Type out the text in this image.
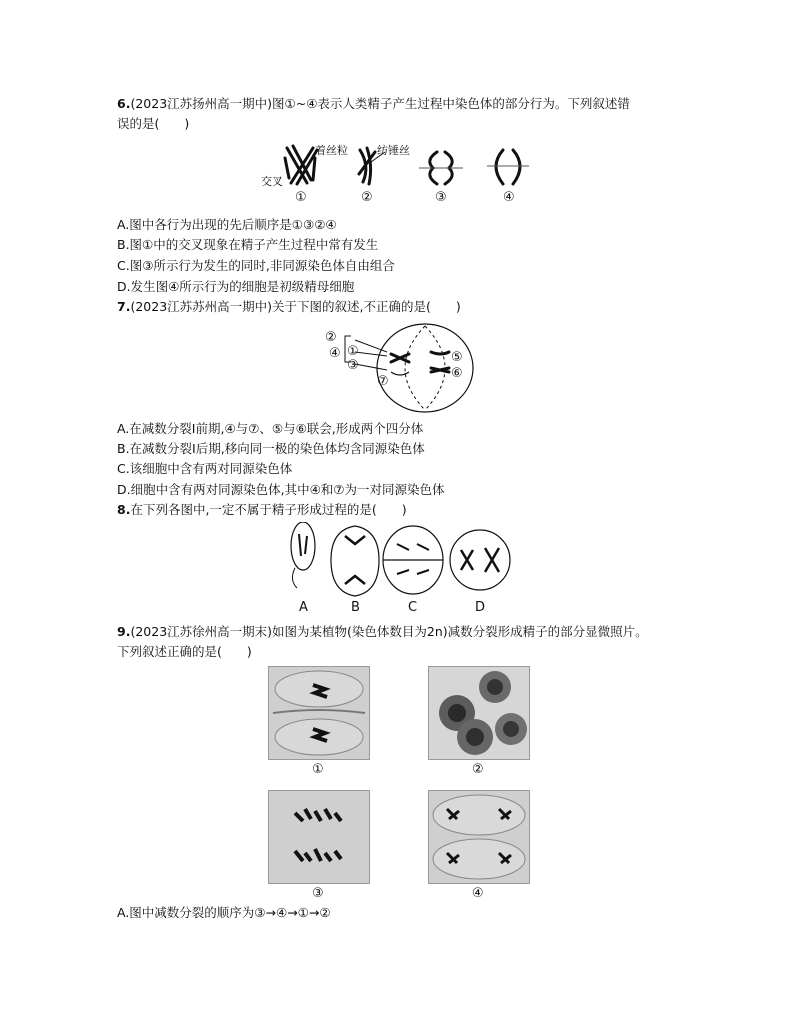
6.(2023江苏扬州高一期中)图①~④表示人类精子产生过程中染色体的部分行为。下列叙述错
误的是(　　)
交叉
着丝粒	纺锤丝
①	②	③	④
A.图中各行为出现的先后顺序是①③②④
B.图①中的交叉现象在精子产生过程中常有发生
C.图③所示行为发生的同时,非同源染色体自由组合
D.发生图④所示行为的细胞是初级精母细胞
7.(2023江苏苏州高一期中)关于下图的叙述,不正确的是(　　)
②
①
③
④	⑤
⑥
⑦
A.在减数分裂Ⅰ前期,④与⑦、⑤与⑥联会,形成两个四分体
B.在减数分裂Ⅰ后期,移向同一极的染色体均含同源染色体
C.该细胞中含有两对同源染色体
D.细胞中含有两对同源染色体,其中④和⑦为一对同源染色体
8.在下列各图中,一定不属于精子形成过程的是(　　)
A	B	C	D
9.(2023江苏徐州高一期末)如图为某植物(染色体数目为2n)减数分裂形成精子的部分显微照片。
下列叙述正确的是(　　)
①	②
③	④
A.图中减数分裂的顺序为③→④→①→②
